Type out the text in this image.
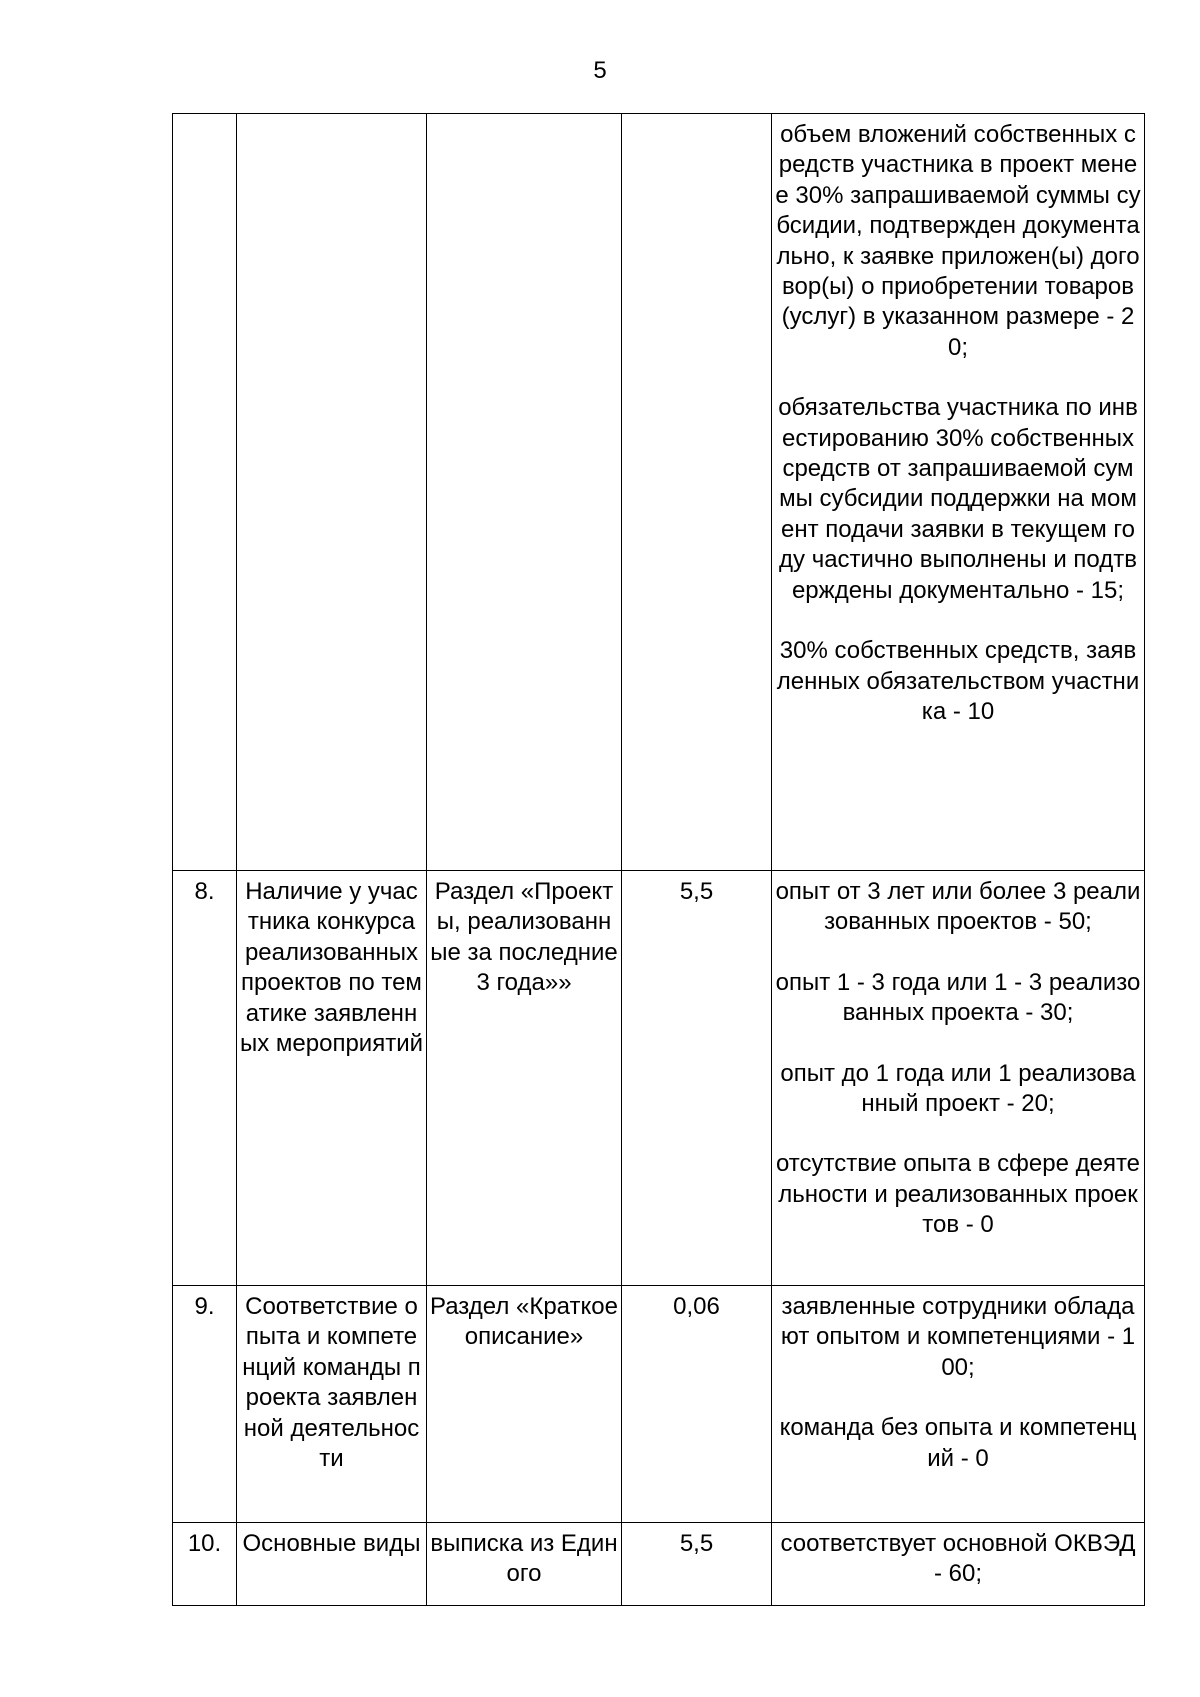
5

				объем вложений собственных средств участника в проект менее 30% запрашиваемой суммы субсидии, подтвержден документально, к заявке приложен(ы) договор(ы) о приобретении товаров (услуг) в указанном размере - 20;
обязательства участника по инвестированию 30% собственных средств от запрашиваемой суммы субсидии поддержки на момент подачи заявки в текущем году частично выполнены и подтверждены документально - 15;
30% собственных средств, заявленных обязательством участника - 10

8.	Наличие у участника конкурса реализованных проектов по тематике заявленных мероприятий	Раздел «Проекты, реализованные за последние 3 года»»	5,5	опыт от 3 лет или более 3 реализованных проектов - 50;
опыт 1 - 3 года или 1 - 3 реализованных проекта - 30;
опыт до 1 года или 1 реализованный проект - 20;
отсутствие опыта в сфере деятельности и реализованных проектов - 0

9.	Соответствие опыта и компетенций команды проекта заявленной деятельности	Раздел «Краткое описание»	0,06	заявленные сотрудники обладают опытом и компетенциями - 100;
команда без опыта и компетенций - 0

10.	Основные виды	выписка из Единого	5,5	соответствует основной ОКВЭД - 60;
